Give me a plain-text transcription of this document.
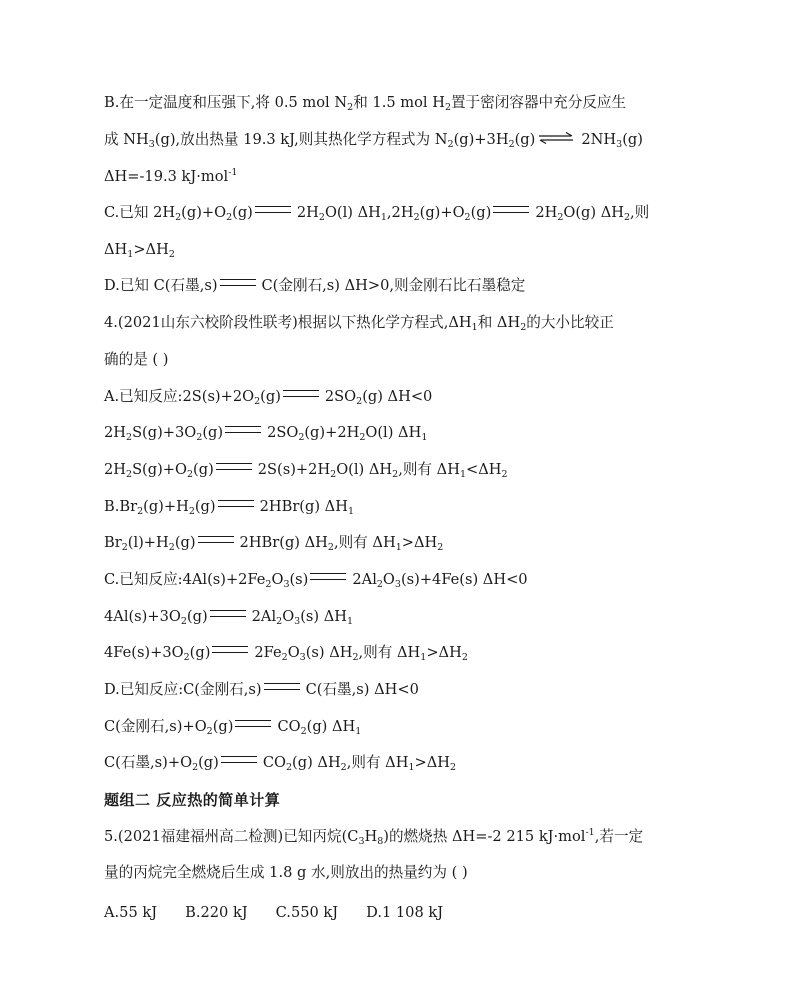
B.在一定温度和压强下,将 0.5 mol $N_2$和 1.5 mol $H_2$置于密闭容器中充分反应生
成 $NH_3(g)$,放出热量 19.3 kJ,则其热化学方程式为 $N_2(g)+3H_2(g)$ ⇌ $2NH_3(g)$
ΔH=-19.3 kJ·mol$^{-1}$
C.已知 $2H_2(g)+O_2(g)$	$2H_2O(l)$ $\Delta H_1,2H_2(g)+O_2(g)$	$2H_2O(g)$ $\Delta H_2$,则
$\Delta H_1>\Delta H_2$
D.已知 C(石墨,s)	C(金刚石,s) ΔH>0,则金刚石比石墨稳定
4.(2021山东六校阶段性联考)根据以下热化学方程式$,\Delta H_1$和 $\Delta H_2$的大小比较正
确的是 ( )
A.已知反应$:2S(s)+2O_2(g)$	$2SO_2(g)$ ΔH<0
$2H_2S(g)+3O_2(g)$	$2SO_2(g)+2H_2O(l)$ $\Delta H_1$
$2H_2S(g)+O_2(g)$	$2S(s)+2H_2O(l)$ $\Delta H_2$,则有 $\Delta H_1<\Delta H_2$
$B.Br_2(g)+H_2(g)$	2HBr(g) $\Delta H_1$
$Br_2(l)+H_2(g)$	2HBr(g) $\Delta H_2$,则有 $\Delta H_1>\Delta H_2$
C.已知反应$:4Al(s)+2Fe_2O_3(s)$	$2Al_2O_3(s)+4Fe(s)$ ΔH<0
$4Al(s)+3O_2(g)$	$2Al_2O_3(s)$ $\Delta H_1$
$4Fe(s)+3O_2(g)$	$2Fe_2O_3(s)$ $\Delta H_2$,则有 $\Delta H_1>\Delta H_2$
D.已知反应:C(金刚石,s)	C(石墨,s) ΔH<0
C(金刚石$,s)+O_2(g)$	$CO_2(g)$ $\Delta H_1$
C(石墨$,s)+O_2(g)$	$CO_2(g)$ $\Delta H_2$,则有 $\Delta H_1>\Delta H_2$
题组二 反应热的简单计算
5.(2021福建福州高二检测)已知丙烷$(C_3H_8)$的燃烧热 ΔH=-2 215 kJ·mol$^{-1}$,若一定
量的丙烷完全燃烧后生成 1.8 g 水,则放出的热量约为 ( )
A.55 kJ B.220 kJ C.550 kJ D.1 108 kJ
